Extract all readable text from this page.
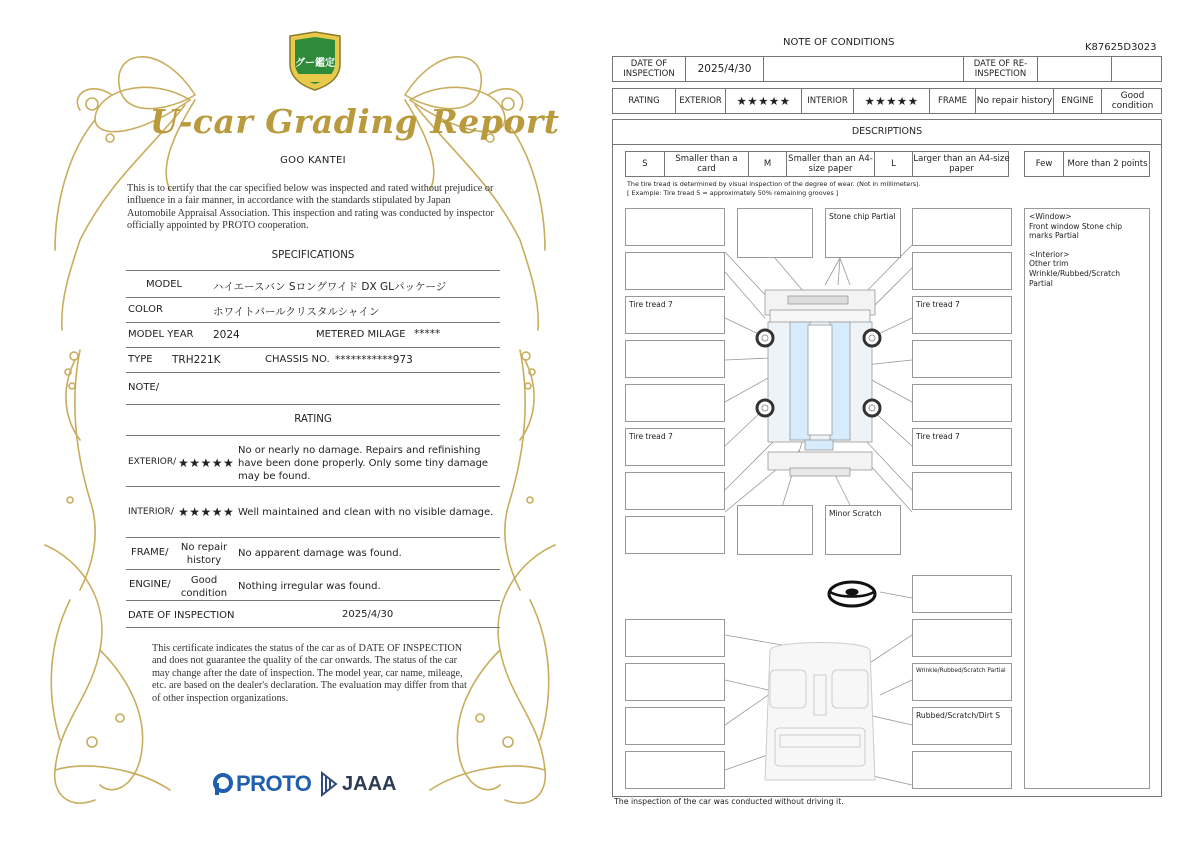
グー鑑定
U-car Grading Report
GOO KANTEI
This is to certify that the car specified below was inspected and rated without prejudice or influence in a fair manner, in accordance with the standards stipulated by Japan Automobile Appraisal Association. This inspection and rating was conducted by inspector officially appointed by PROTO cooperation.
SPECIFICATIONS
MODEL	ハイエースバン Sロングワイド DX GLパッケージ
COLOR	ホワイトパールクリスタルシャイン
MODEL YEAR 2024	METERED MILAGE *****
TYPE TRH221K	CHASSIS NO. ***********973
NOTE/
RATING
EXTERIOR/ ★★★★★
No or nearly no damage. Repairs and refinishing have been done properly. Only some tiny damage may be found.
INTERIOR/ ★★★★★ Well maintained and clean with no visible damage.
FRAME/	No repair history
No apparent damage was found.
ENGINE/	Good condition
Nothing irregular was found.
DATE OF INSPECTION	2025/4/30
This certificate indicates the status of the car as of DATE OF INSPECTION and does not guarantee the quality of the car onwards. The status of the car may change after the date of inspection. The model year, car name, mileage, etc. are based on the dealer's declaration. The evaluation may differ from that of other inspection organizations.
PROTO JAAA
NOTE OF CONDITIONS	K87625D3023
DATE OF INSPECTION	2025/4/30	DATE OF RE-INSPECTION
RATING	EXTERIOR	★★★★★	INTERIOR	★★★★★	FRAME	No repair history	ENGINE	Good condition
DESCRIPTIONS
S	Smaller than a card	M	Smaller than an A4-size paper	L	Larger than an A4-size paper	Few	More than 2 points
The tire tread is determined by visual inspection of the degree of wear. (Not in millimeters).
[ Example: Tire tread 5 = approximately 50% remaining grooves ]
Tire tread 7
Tire tread 7
Stone chip Partial
Minor Scratch
Tire tread 7
Tire tread 7
Wrinkle/Rubbed/Scratch Partial
Rubbed/Scratch/Dirt S
<Window>
Front window Stone chip marks Partial
<Interior>
Other trim Wrinkle/Rubbed/Scratch Partial
The inspection of the car was conducted without driving it.
